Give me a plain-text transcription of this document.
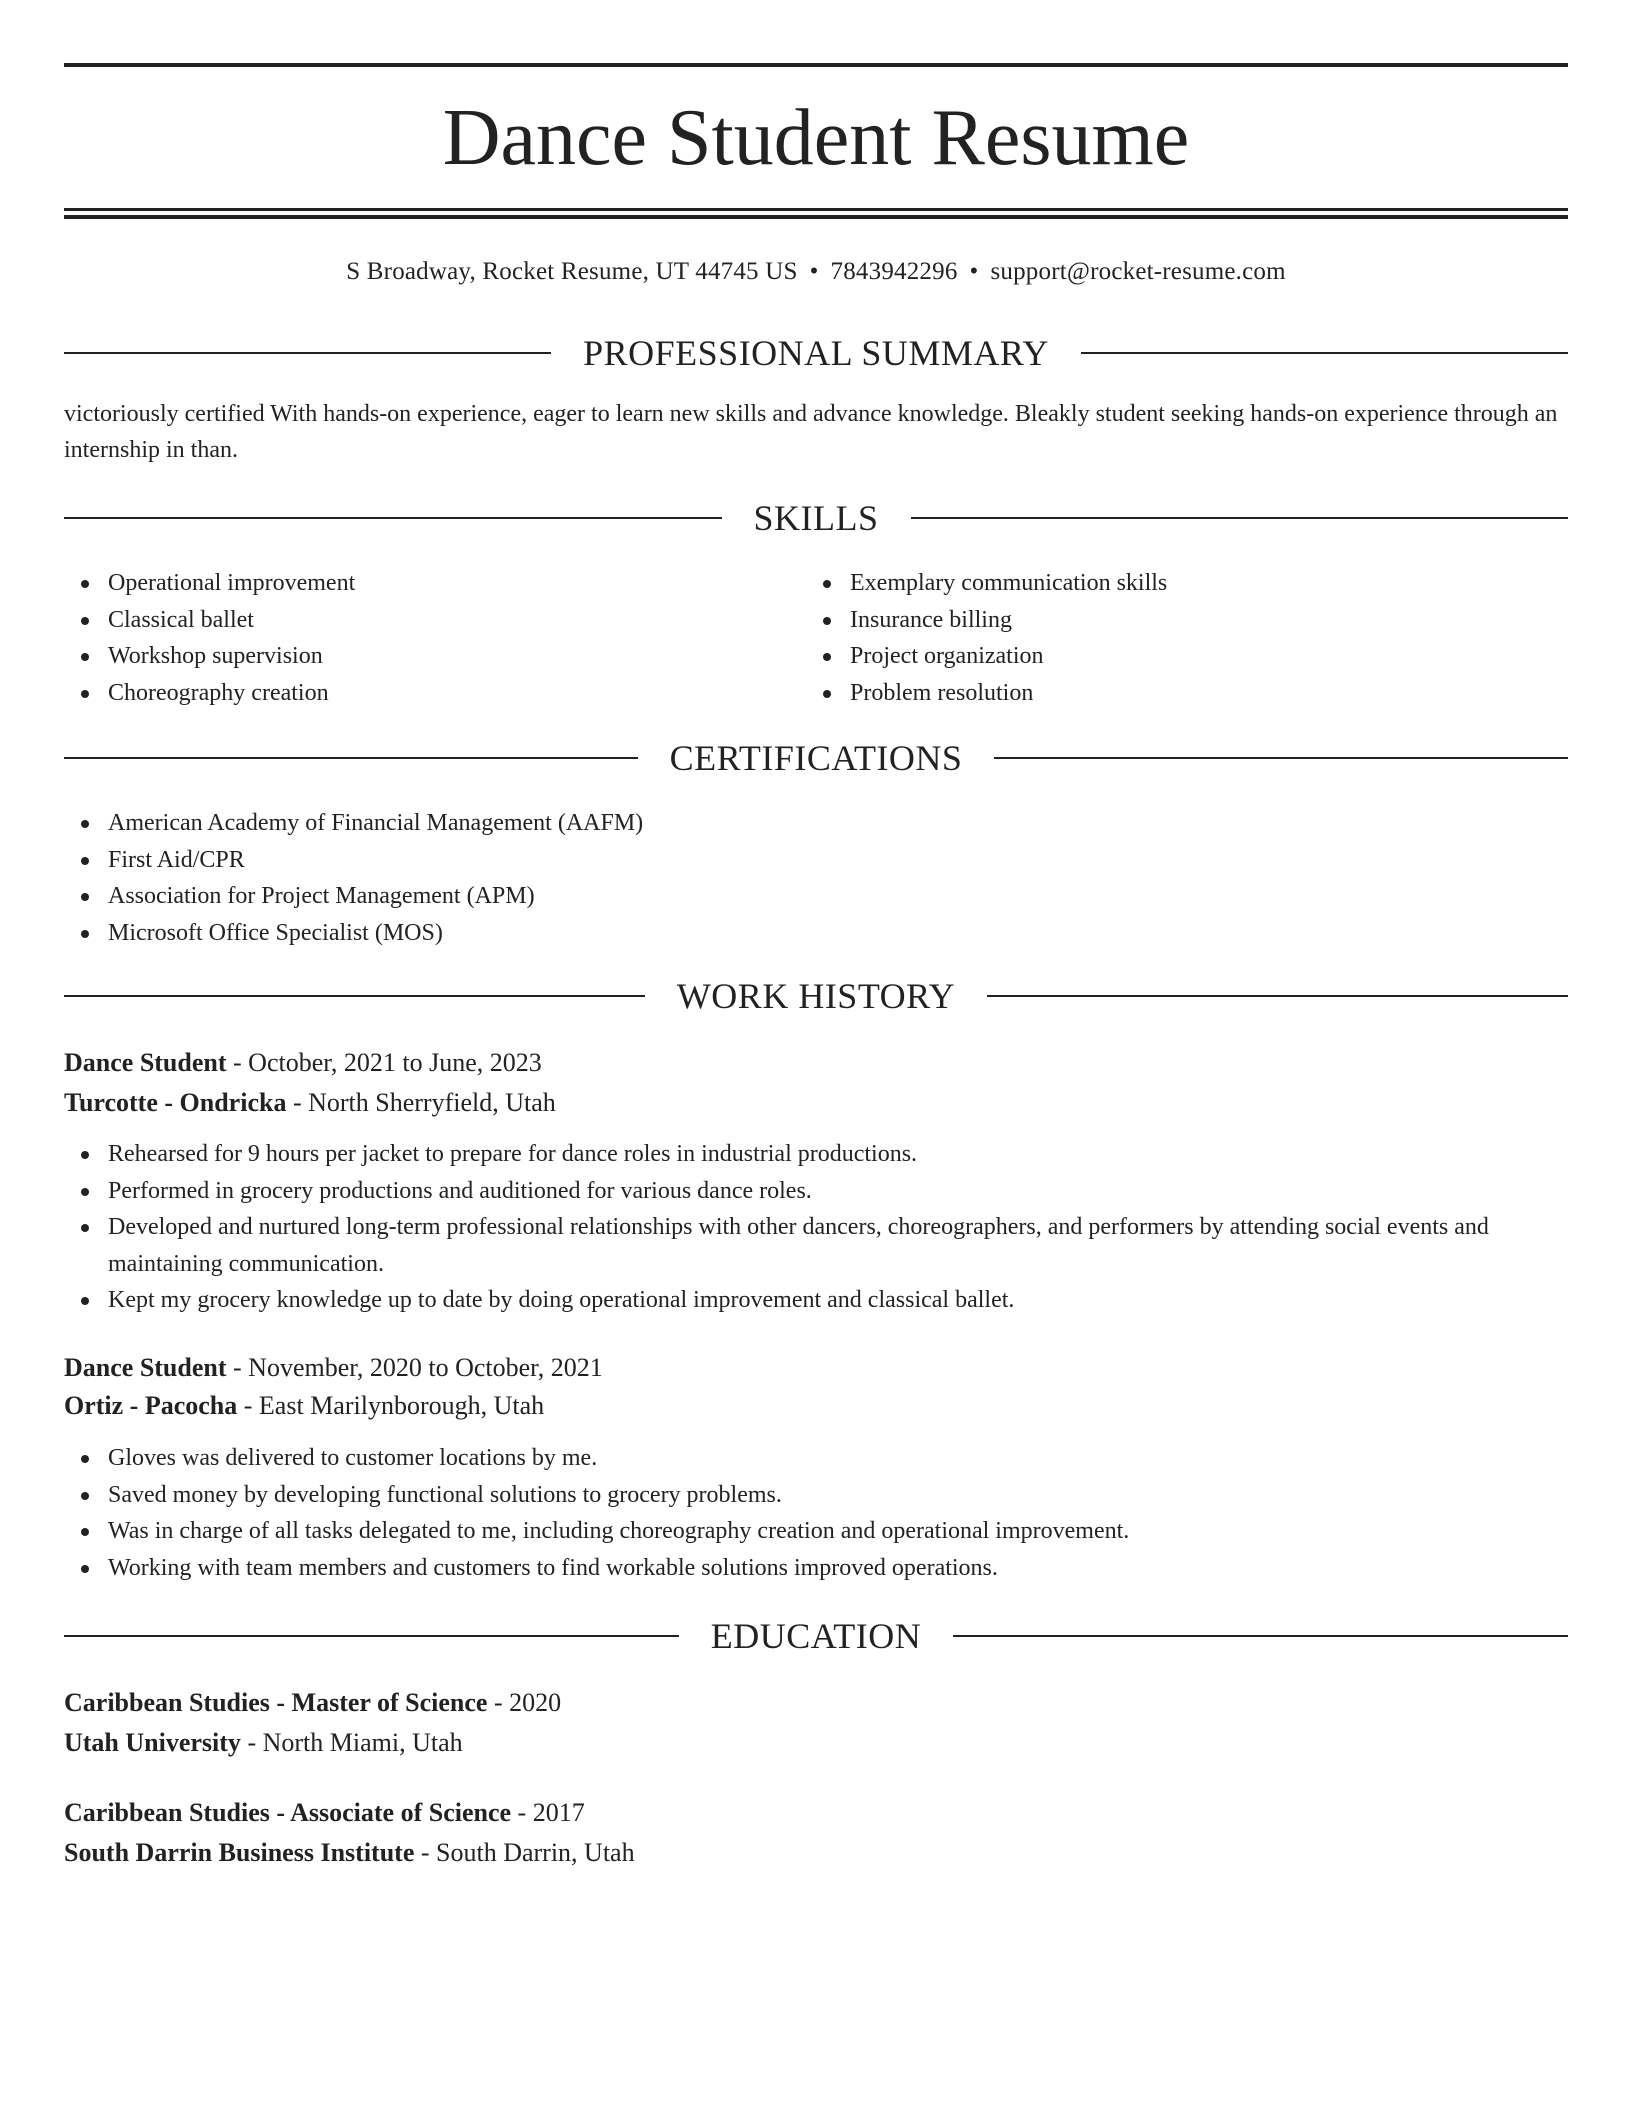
Dance Student Resume
S Broadway, Rocket Resume, UT 44745 US • 7843942296 • support@rocket-resume.com
PROFESSIONAL SUMMARY

victoriously certified With hands-on experience, eager to learn new skills and advance knowledge. Bleakly student seeking hands-on experience through an internship in than.

SKILLS
Operational improvement
Classical ballet
Workshop supervision
Choreography creation
Exemplary communication skills
Insurance billing
Project organization
Problem resolution
CERTIFICATIONS
American Academy of Financial Management (AAFM)
First Aid/CPR
Association for Project Management (APM)
Microsoft Office Specialist (MOS)
WORK HISTORY
Dance Student - October, 2021 to June, 2023
Turcotte - Ondricka - North Sherryfield, Utah
Rehearsed for 9 hours per jacket to prepare for dance roles in industrial productions.
Performed in grocery productions and auditioned for various dance roles.
Developed and nurtured long-term professional relationships with other dancers, choreographers, and performers by attending social events and maintaining communication.
Kept my grocery knowledge up to date by doing operational improvement and classical ballet.
Dance Student - November, 2020 to October, 2021
Ortiz - Pacocha - East Marilynborough, Utah
Gloves was delivered to customer locations by me.
Saved money by developing functional solutions to grocery problems.
Was in charge of all tasks delegated to me, including choreography creation and operational improvement.
Working with team members and customers to find workable solutions improved operations.
EDUCATION
Caribbean Studies - Master of Science - 2020
Utah University - North Miami, Utah
Caribbean Studies - Associate of Science - 2017
South Darrin Business Institute - South Darrin, Utah
